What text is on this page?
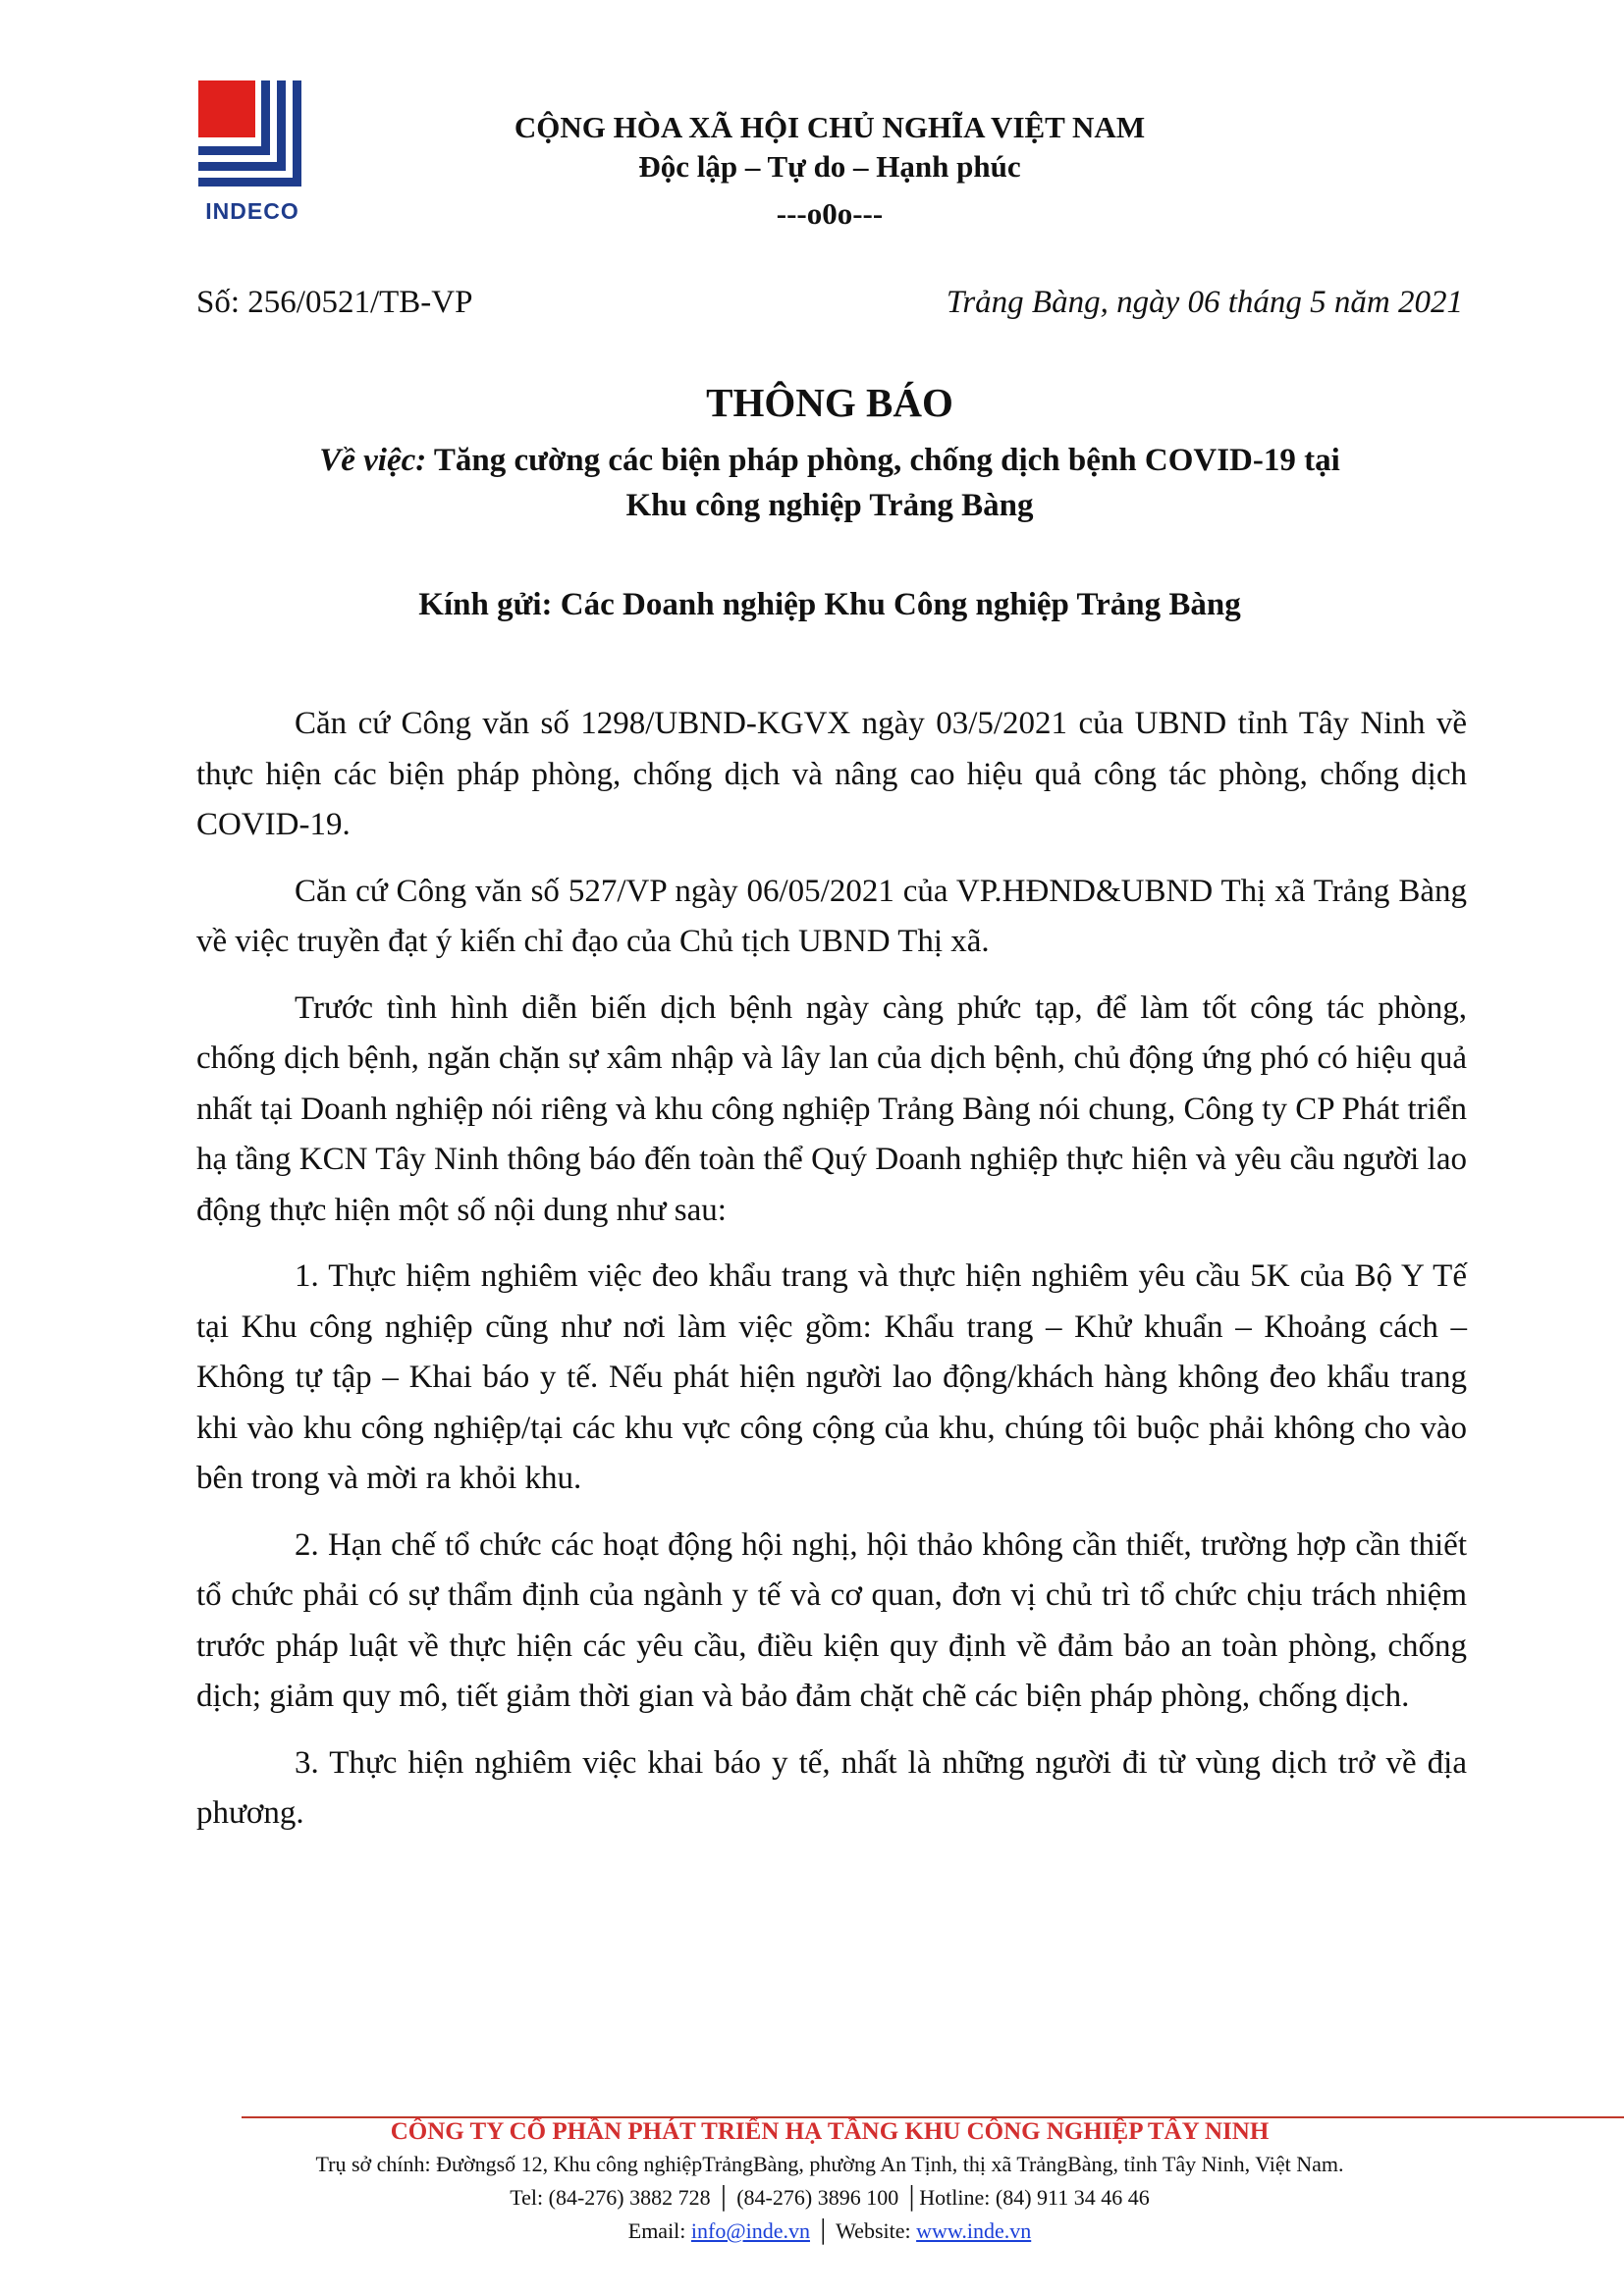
INDECO
CỘNG HÒA XÃ HỘI CHỦ NGHĨA VIỆT NAM
Độc lập – Tự do – Hạnh phúc
---o0o---
Số: 256/0521/TB-VP	Trảng Bàng, ngày 06 tháng 5 năm 2021
THÔNG BÁO
Về việc: Tăng cường các biện pháp phòng, chống dịch bệnh COVID-19 tại
Khu công nghiệp Trảng Bàng
Kính gửi: Các Doanh nghiệp Khu Công nghiệp Trảng Bàng

Căn cứ Công văn số 1298/UBND-KGVX ngày 03/5/2021 của UBND tỉnh Tây Ninh về thực hiện các biện pháp phòng, chống dịch và nâng cao hiệu quả công tác phòng, chống dịch COVID-19.

Căn cứ Công văn số 527/VP ngày 06/05/2021 của VP.HĐND&UBND Thị xã Trảng Bàng về việc truyền đạt ý kiến chỉ đạo của Chủ tịch UBND Thị xã.

Trước tình hình diễn biến dịch bệnh ngày càng phức tạp, để làm tốt công tác phòng, chống dịch bệnh, ngăn chặn sự xâm nhập và lây lan của dịch bệnh, chủ động ứng phó có hiệu quả nhất tại Doanh nghiệp nói riêng và khu công nghiệp Trảng Bàng nói chung, Công ty CP Phát triển hạ tầng KCN Tây Ninh thông báo đến toàn thể Quý Doanh nghiệp thực hiện và yêu cầu người lao động thực hiện một số nội dung như sau:

1. Thực hiệm nghiêm việc đeo khẩu trang và thực hiện nghiêm yêu cầu 5K của Bộ Y Tế tại Khu công nghiệp cũng như nơi làm việc gồm: Khẩu trang – Khử khuẩn – Khoảng cách – Không tự tập – Khai báo y tế. Nếu phát hiện người lao động/khách hàng không đeo khẩu trang khi vào khu công nghiệp/tại các khu vực công cộng của khu, chúng tôi buộc phải không cho vào bên trong và mời ra khỏi khu.

2. Hạn chế tổ chức các hoạt động hội nghị, hội thảo không cần thiết, trường hợp cần thiết tổ chức phải có sự thẩm định của ngành y tế và cơ quan, đơn vị chủ trì tổ chức chịu trách nhiệm trước pháp luật về thực hiện các yêu cầu, điều kiện quy định về đảm bảo an toàn phòng, chống dịch; giảm quy mô, tiết giảm thời gian và bảo đảm chặt chẽ các biện pháp phòng, chống dịch.

3. Thực hiện nghiêm việc khai báo y tế, nhất là những người đi từ vùng dịch trở về địa phương.

CÔNG TY CỔ PHẦN PHÁT TRIỂN HẠ TẦNG KHU CÔNG NGHIỆP TÂY NINH
Trụ sở chính: Đườngsố 12, Khu công nghiệpTrảngBàng, phường An Tịnh, thị xã TrảngBàng, tỉnh Tây Ninh, Việt Nam.
Tel: (84-276) 3882 728 │ (84-276) 3896 100 │Hotline: (84) 911 34 46 46
Email: info@inde.vn │ Website: www.inde.vn
